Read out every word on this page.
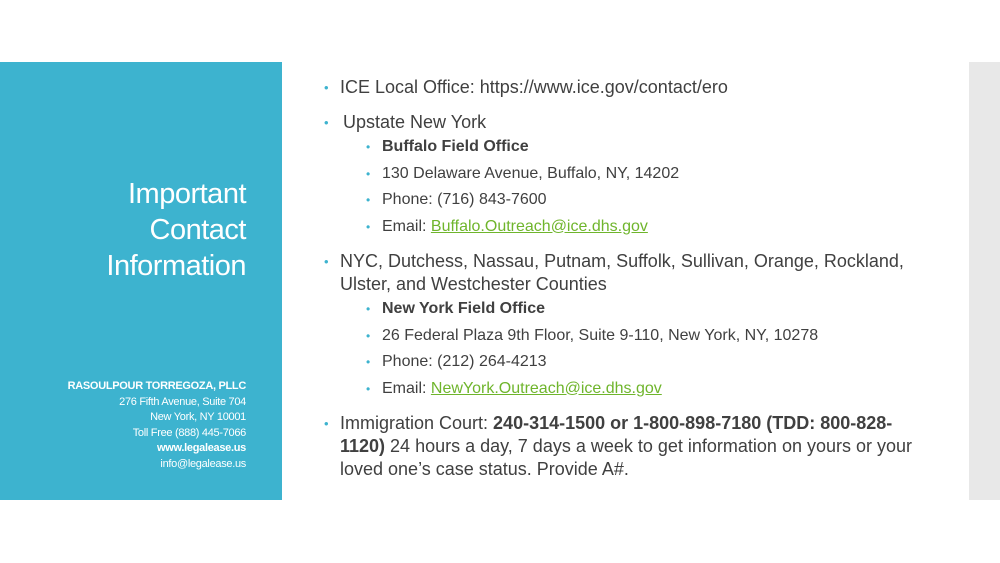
Important
Contact
Information
RASOULPOUR TORREGOZA, PLLC
276 Fifth Avenue, Suite 704
New York, NY 10001
Toll Free (888) 445-7066
www.legalease.us
info@legalease.us
• ICE Local Office: https://www.ice.gov/contact/ero
• Upstate New York
• Buffalo Field Office
• 130 Delaware Avenue, Buffalo, NY, 14202
• Phone: (716) 843-7600
• Email: Buffalo.Outreach@ice.dhs.gov
• NYC, Dutchess, Nassau, Putnam, Suffolk, Sullivan, Orange, Rockland, Ulster, and Westchester Counties
• New York Field Office
• 26 Federal Plaza 9th Floor, Suite 9-110, New York, NY, 10278
• Phone: (212) 264-4213
• Email: NewYork.Outreach@ice.dhs.gov
• Immigration Court: 240-314-1500 or 1-800-898-7180 (TDD: 800-828-1120) 24 hours a day, 7 days a week to get information on yours or your loved one’s case status. Provide A#.
